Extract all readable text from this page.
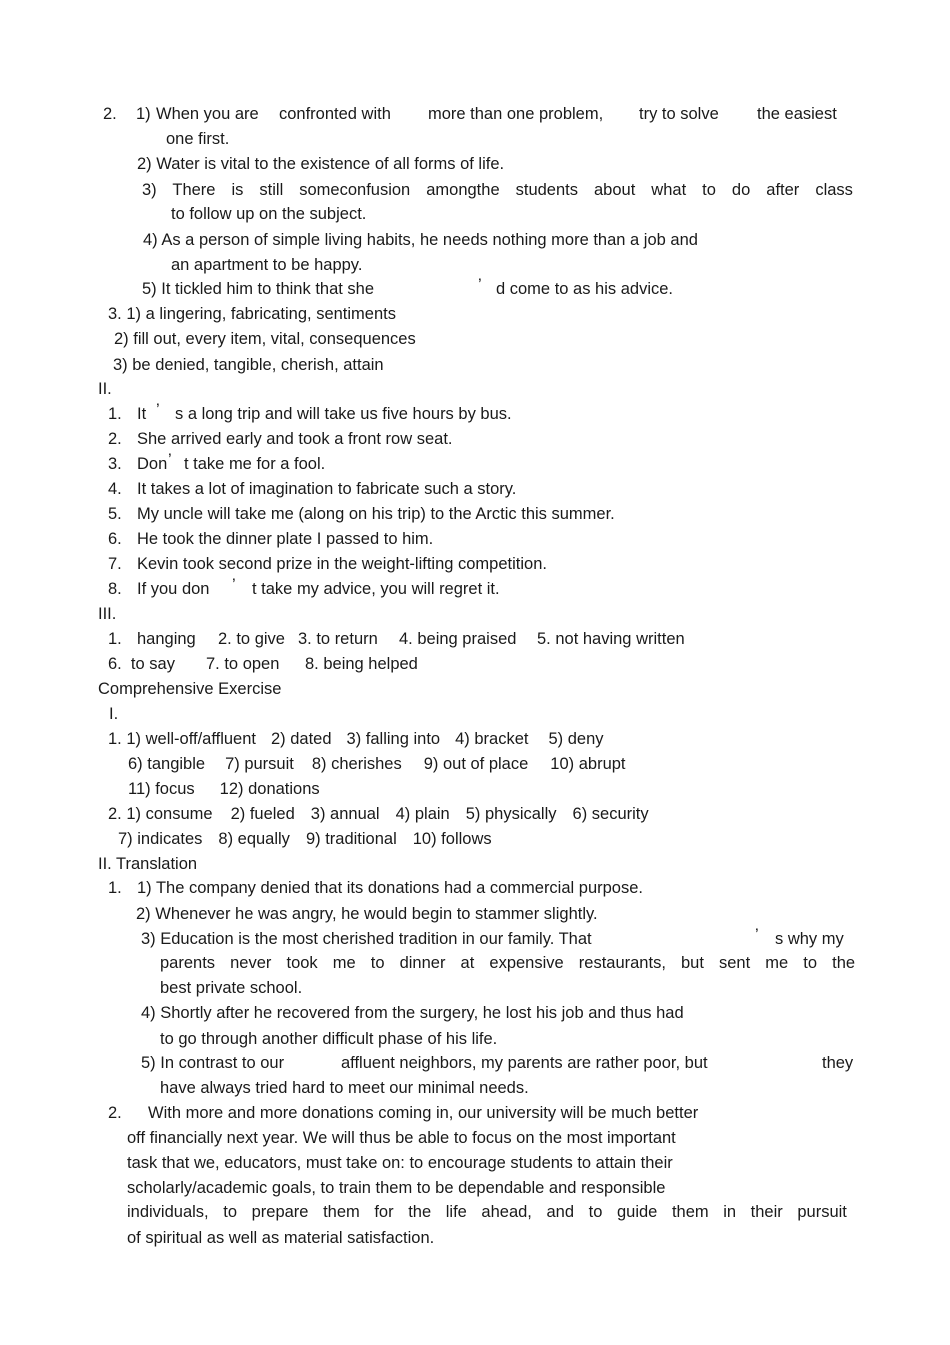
2. 1) When you are confronted with more than one problem, try to solve the easiest
one first.
2) Water is vital to the existence of all forms of life.
3) There is still someconfusion amongthe students about what to do after class
to follow up on the subject.
4) As a person of simple living habits, he needs nothing more than a job and
an apartment to be happy.
5) It tickled him to think that she	’ d come to as his advice.
3. 1) a lingering, fabricating, sentiments
2) fill out, every item, vital, consequences
3) be denied, tangible, cherish, attain
II.
1. It ’ s a long trip and will take us five hours by bus.
2. She arrived early and took a front row seat.
3. Don ’ t take me for a fool.
4. It takes a lot of imagination to fabricate such a story.
5. My uncle will take me (along on his trip) to the Arctic this summer.
6. He took the dinner plate I passed to him.
7. Kevin took second prize in the weight-lifting competition.
8. If you don ’ t take my advice, you will regret it.
III.
1. hanging 2. to give 3. to return 4. being praised 5. not having written
6.  to say 7. to open 8. being helped
Comprehensive Exercise
I.
1. 1) well-off/affluent 2) dated 3) falling into 4) bracket 5) deny
6) tangible 7) pursuit 8) cherishes 9) out of place 10) abrupt
11) focus 12) donations
2. 1) consume 2) fueled 3) annual 4) plain 5) physically 6) security
7) indicates 8) equally 9) traditional 10) follows
II. Translation
1. 1) The company denied that its donations had a commercial purpose.
2) Whenever he was angry, he would begin to stammer slightly.
3) Education is the most cherished tradition in our family. That	’ s why my
parents never took me to dinner at expensive restaurants, but sent me to the
best private school.
4) Shortly after he recovered from the surgery, he lost his job and thus had
to go through another difficult phase of his life.
5) In contrast to our	affluent neighbors, my parents are rather poor, but	they
have always tried hard to meet our minimal needs.
2. With more and more donations coming in, our university will be much better
off financially next year. We will thus be able to focus on the most important
task that we, educators, must take on: to encourage students to attain their
scholarly/academic goals, to train them to be dependable and responsible
individuals, to prepare them for the life ahead, and to guide them in their pursuit
of spiritual as well as material satisfaction.
